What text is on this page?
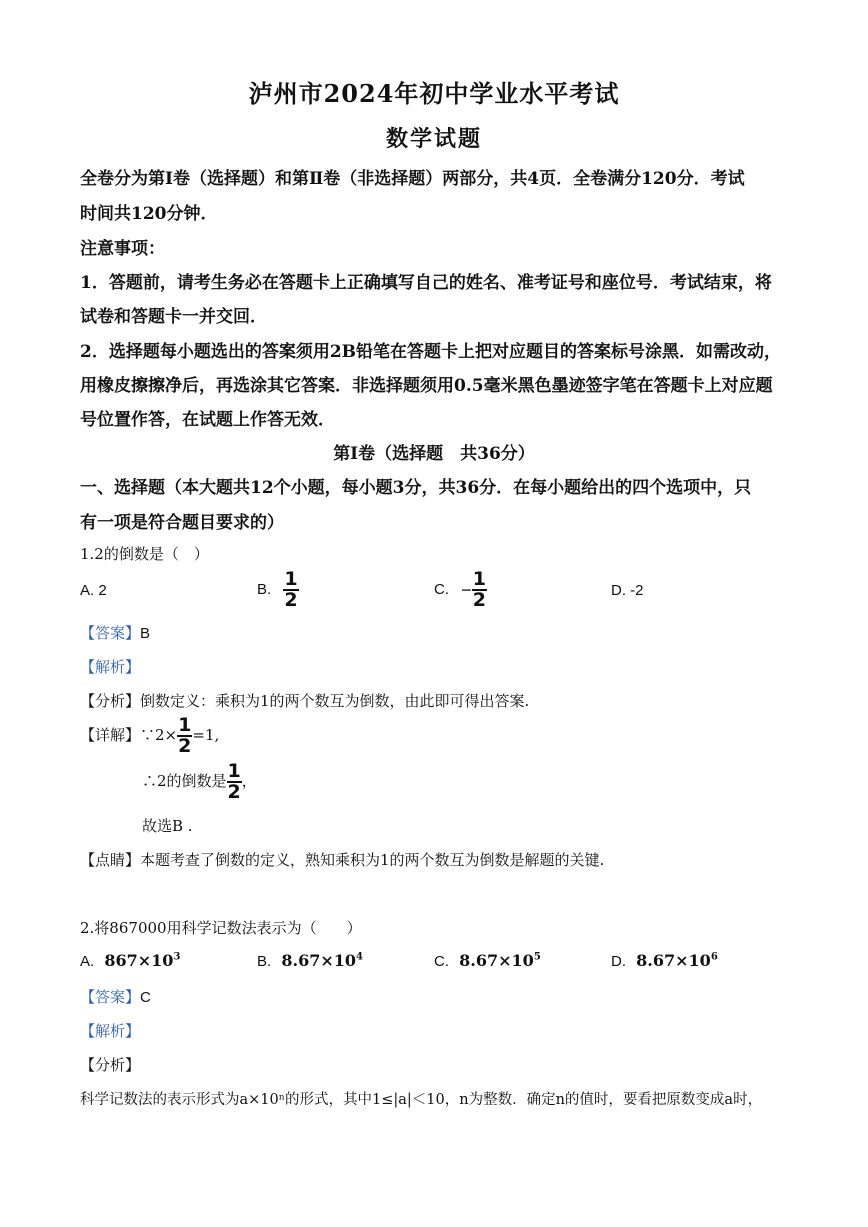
泸州市2024年初中学业水平考试
数学试题
全卷分为第Ⅰ卷（选择题）和第Ⅱ卷（非选择题）两部分，共4页．全卷满分120分．考试
时间共120分钟．
注意事项：
1．答题前，请考生务必在答题卡上正确填写自己的姓名、准考证号和座位号．考试结束，将
试卷和答题卡一并交回．
2．选择题每小题选出的答案须用2B铅笔在答题卡上把对应题目的答案标号涂黑．如需改动，
用橡皮擦擦净后，再选涂其它答案．非选择题须用0.5毫米黑色墨迹签字笔在答题卡上对应题
号位置作答，在试题上作答无效．
第Ⅰ卷（选择题　共36分）
一、选择题（本大题共12个小题，每小题3分，共36分．在每小题给出的四个选项中，只
有一项是符合题目要求的）
1.2的倒数是（　）
A. 2	B. $\frac{1}{2}$	C. − $\frac{1}{2}$	D. -2
【答案】B
【解析】
【分析】倒数定义：乘积为1的两个数互为倒数，由此即可得出答案.
【详解】∵2× $\frac{1}{2} =1$,
∴2的倒数是 $\frac{1}{2}$ ，
故选B .
【点睛】本题考查了倒数的定义，熟知乘积为1的两个数互为倒数是解题的关键.
2.将867000用科学记数法表示为（　　）
A. $867\times 10^3$	B. $8.67\times 10^4$	C. $8.67\times 10^5$	D. $8.67\times 10^6$
【答案】C
【解析】
【分析】
科学记数法的表示形式为a×10ⁿ的形式，其中1≤|a|＜10，n为整数．确定n的值时，要看把原数变成a时，
